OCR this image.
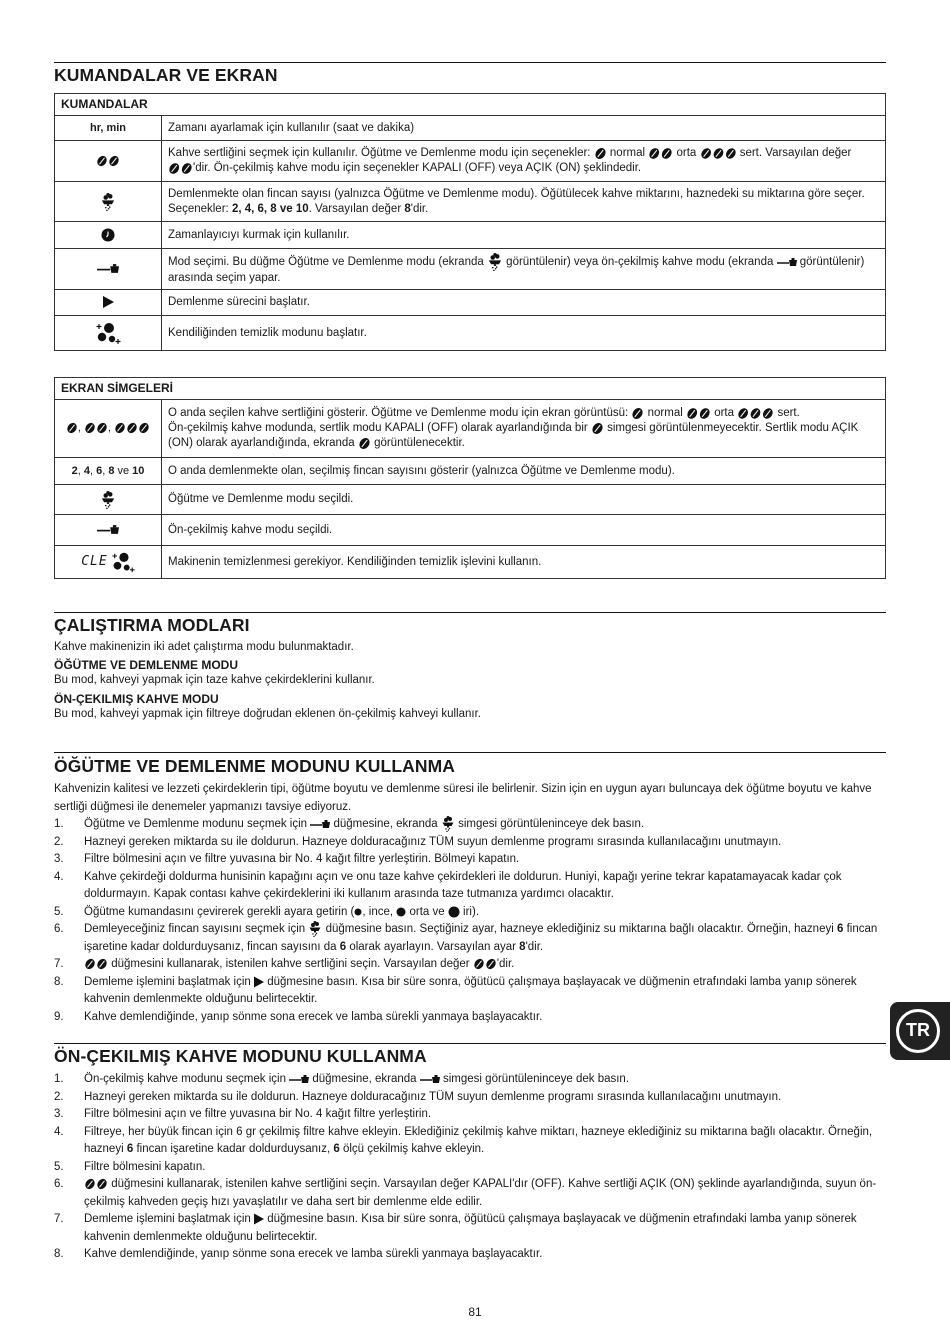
KUMANDALAR VE EKRAN
KUMANDALAR	
hr, min	Zamanı ayarlamak için kullanılır (saat ve dakika)
	Kahve sertliğini seçmek için kullanılır. Öğütme ve Demlenme modu için seçenekler: normal orta sert. Varsayılan değer 'dir. Ön-çekilmiş kahve modu için seçenekler KAPALI (OFF) veya AÇIK (ON) şeklindedir.
	Demlenmekte olan fincan sayısı (yalnızca Öğütme ve Demlenme modu). Öğütülecek kahve miktarını, haznedeki su miktarına göre seçer. Seçenekler: 2, 4, 6, 8 ve 10. Varsayılan değer 8'dir.
	Zamanlayıcıyı kurmak için kullanılır.
	Mod seçimi. Bu düğme Öğütme ve Demlenme modu (ekranda görüntülenir) veya ön-çekilmiş kahve modu (ekranda görüntülenir) arasında seçim yapar.
	Demlenme sürecini başlatır.
	Kendiliğinden temizlik modunu başlatır.
EKRAN SİMGELERİ	
, ,	O anda seçilen kahve sertliğini gösterir. Öğütme ve Demlenme modu için ekran görüntüsü: normal orta sert.
Ön-çekilmiş kahve modunda, sertlik modu KAPALI (OFF) olarak ayarlandığında bir simgesi görüntülenmeyecektir. Sertlik modu AÇIK (ON) olarak ayarlandığında, ekranda görüntülenecektir.
2, 4, 6, 8 ve 10	O anda demlenmekte olan, seçilmiş fincan sayısını gösterir (yalnızca Öğütme ve Demlenme modu).
	Öğütme ve Demlenme modu seçildi.
	Ön-çekilmiş kahve modu seçildi.
CLE	Makinenin temizlenmesi gerekiyor. Kendiliğinden temizlik işlevini kullanın.
ÇALIŞTIRMA MODLARI

Kahve makinenizin iki adet çalıştırma modu bulunmaktadır.

ÖĞÜTME VE DEMLENME MODU

Bu mod, kahveyi yapmak için taze kahve çekirdeklerini kullanır.

ÖN-ÇEKILMIŞ KAHVE MODU

Bu mod, kahveyi yapmak için filtreye doğrudan eklenen ön-çekilmiş kahveyi kullanır.

ÖĞÜTME VE DEMLENME MODUNU KULLANMA

Kahvenizin kalitesi ve lezzeti çekirdeklerin tipi, öğütme boyutu ve demlenme süresi ile belirlenir. Sizin için en uygun ayarı buluncaya dek öğütme boyutu ve kahve sertliği düğmesi ile denemeler yapmanızı tavsiye ediyoruz.

1. Öğütme ve Demlenme modunu seçmek için düğmesine, ekranda simgesi görüntüleninceye dek basın.
2. Hazneyi gereken miktarda su ile doldurun. Hazneye dolduracağınız TÜM suyun demlenme programı sırasında kullanılacağını unutmayın.
3. Filtre bölmesini açın ve filtre yuvasına bir No. 4 kağıt filtre yerleştirin. Bölmeyi kapatın.
4. Kahve çekirdeği doldurma hunisinin kapağını açın ve onu taze kahve çekirdekleri ile doldurun. Huniyi, kapağı yerine tekrar kapatamayacak kadar çok doldurmayın. Kapak contası kahve çekirdeklerini iki kullanım arasında taze tutmanıza yardımcı olacaktır.
5. Öğütme kumandasını çevirerek gerekli ayara getirin ( , ince, orta ve iri).
6. Demleyeceğiniz fincan sayısını seçmek için düğmesine basın. Seçtiğiniz ayar, hazneye eklediğiniz su miktarına bağlı olacaktır. Örneğin, hazneyi 6 fincan işaretine kadar doldurduysanız, fincan sayısını da 6 olarak ayarlayın. Varsayılan ayar 8'dir.
7.	düğmesini kullanarak, istenilen kahve sertliğini seçin. Varsayılan değer 'dir.
8. Demleme işlemini başlatmak için düğmesine basın. Kısa bir süre sonra, öğütücü çalışmaya başlayacak ve düğmenin etrafındaki lamba yanıp sönerek kahvenin demlenmekte olduğunu belirtecektir.
9. Kahve demlendiğinde, yanıp sönme sona erecek ve lamba sürekli yanmaya başlayacaktır.
TR
ÖN-ÇEKILMIŞ KAHVE MODUNU KULLANMA
1. Ön-çekilmiş kahve modunu seçmek için düğmesine, ekranda simgesi görüntüleninceye dek basın.
2. Hazneyi gereken miktarda su ile doldurun. Hazneye dolduracağınız TÜM suyun demlenme programı sırasında kullanılacağını unutmayın.
3. Filtre bölmesini açın ve filtre yuvasına bir No. 4 kağıt filtre yerleştirin.
4. Filtreye, her büyük fincan için 6 gr çekilmiş filtre kahve ekleyin. Eklediğiniz çekilmiş kahve miktarı, hazneye eklediğiniz su miktarına bağlı olacaktır. Örneğin, hazneyi 6 fincan işaretine kadar doldurduysanız, 6 ölçü çekilmiş kahve ekleyin.
5. Filtre bölmesini kapatın.
6.	düğmesini kullanarak, istenilen kahve sertliğini seçin. Varsayılan değer KAPALI'dır (OFF). Kahve sertliği AÇIK (ON) şeklinde ayarlandığında, suyun ön-çekilmiş kahveden geçiş hızı yavaşlatılır ve daha sert bir demlenme elde edilir.
7. Demleme işlemini başlatmak için düğmesine basın. Kısa bir süre sonra, öğütücü çalışmaya başlayacak ve düğmenin etrafındaki lamba yanıp sönerek kahvenin demlenmekte olduğunu belirtecektir.
8. Kahve demlendiğinde, yanıp sönme sona erecek ve lamba sürekli yanmaya başlayacaktır.
81
